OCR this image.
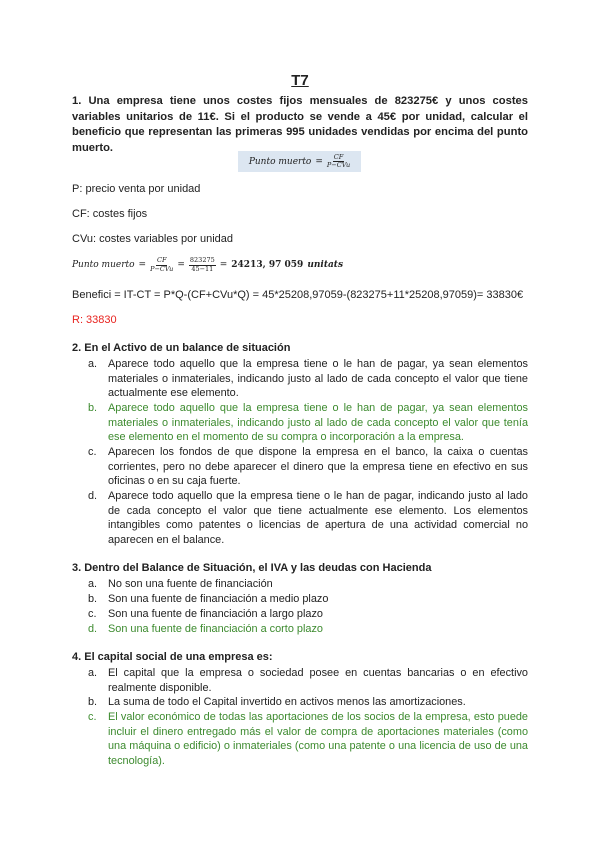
T7
1. Una empresa tiene unos costes fijos mensuales de 823275€ y unos costes variables unitarios de 11€. Si el producto se vende a 45€ por unidad, calcular el beneficio que representan las primeras 995 unidades vendidas por encima del punto muerto.
Punto muerto = $\frac{CF}{\text{P−CVu}}$
P: precio venta por unidad
CF: costes fijos
CVu: costes variables por unidad
Punto muerto = $\frac{CF}{\text{P−CVu}} = \frac{823275}{45-11} = 24213$, 97 059 unitats
Benefici = IT-CT = P*Q-(CF+CVu*Q) = 45*25208,97059-(823275+11*25208,97059)= 33830€
R: 33830
2. En el Activo de un balance de situación
a.	Aparece todo aquello que la empresa tiene o le han de pagar, ya sean elementos materiales o inmateriales, indicando justo al lado de cada concepto el valor que tiene actualmente ese elemento.
b.	Aparece todo aquello que la empresa tiene o le han de pagar, ya sean elementos materiales o inmateriales, indicando justo al lado de cada concepto el valor que tenía ese elemento en el momento de su compra o incorporación a la empresa.
c.	Aparecen los fondos de que dispone la empresa en el banco, la caixa o cuentas corrientes, pero no debe aparecer el dinero que la empresa tiene en efectivo en sus oficinas o en su caja fuerte.
d.	Aparece todo aquello que la empresa tiene o le han de pagar, indicando justo al lado de cada concepto el valor que tiene actualmente ese elemento. Los elementos intangibles como patentes o licencias de apertura de una actividad comercial no aparecen en el balance.
3. Dentro del Balance de Situación, el IVA y las deudas con Hacienda
a.	No son una fuente de financiación
b.	Son una fuente de financiación a medio plazo
c.	Son una fuente de financiación a largo plazo
d.	Son una fuente de financiación a corto plazo
4. El capital social de una empresa es:
a.	El capital que la empresa o sociedad posee en cuentas bancarias o en efectivo realmente disponible.
b.	La suma de todo el Capital invertido en activos menos las amortizaciones.
c.	El valor económico de todas las aportaciones de los socios de la empresa, esto puede incluir el dinero entregado más el valor de compra de aportaciones materiales (como una máquina o edificio) o inmateriales (como una patente o una licencia de uso de una tecnología).
